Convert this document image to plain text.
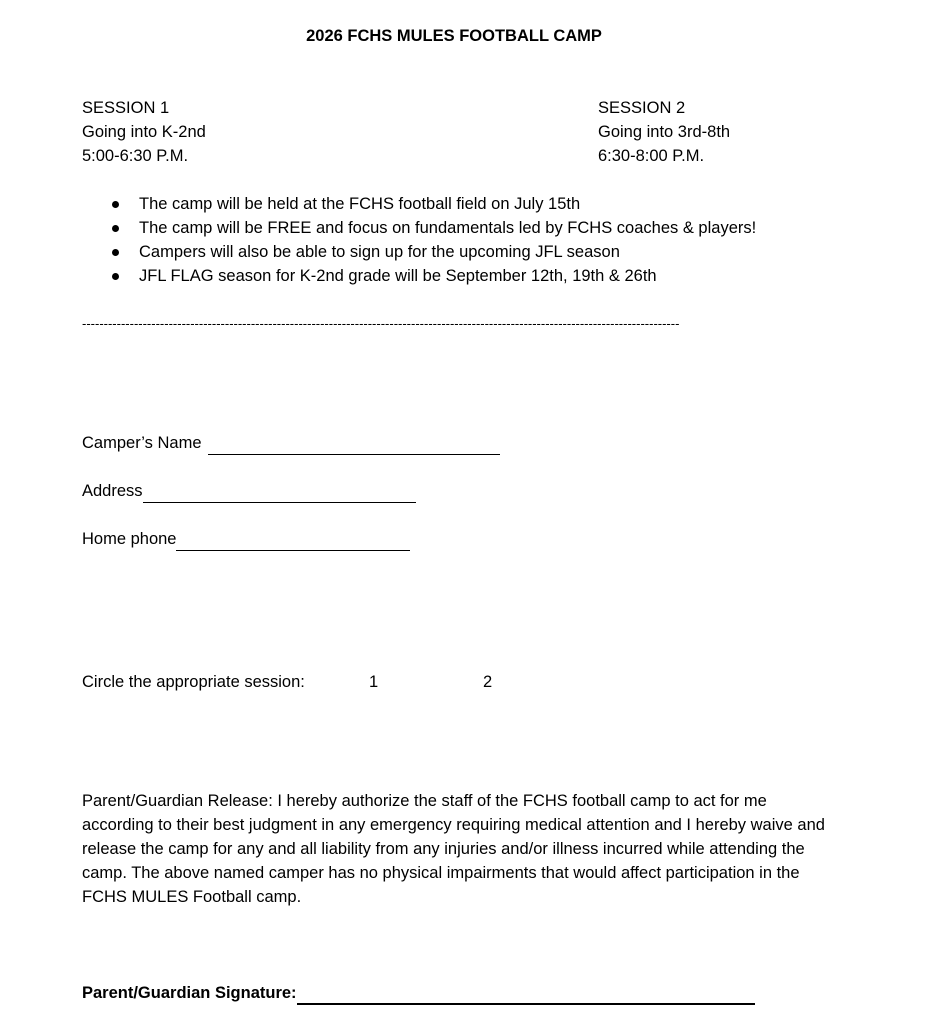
2026 FCHS MULES FOOTBALL CAMP
SESSION 1
Going into K-2nd
5:00-6:30 P.M.
SESSION 2
Going into 3rd-8th
6:30-8:00 P.M.
The camp will be held at the FCHS football field on July 15th
The camp will be FREE and focus on fundamentals led by FCHS coaches & players!
Campers will also be able to sign up for the upcoming JFL season
JFL FLAG season for K-2nd grade will be September 12th, 19th & 26th
------------------------------------------------------------------------------------------------------------------------------------------
Camper’s Name
Address
Home phone
Circle the appropriate session:	1	2

Parent/Guardian Release: I hereby authorize the staff of the FCHS football camp to act for me according to their best judgment in any emergency requiring medical attention and I hereby waive and release the camp for any and all liability from any injuries and/or illness incurred while attending the camp. The above named camper has no physical impairments that would affect participation in the FCHS MULES Football camp.

Parent/Guardian Signature:
